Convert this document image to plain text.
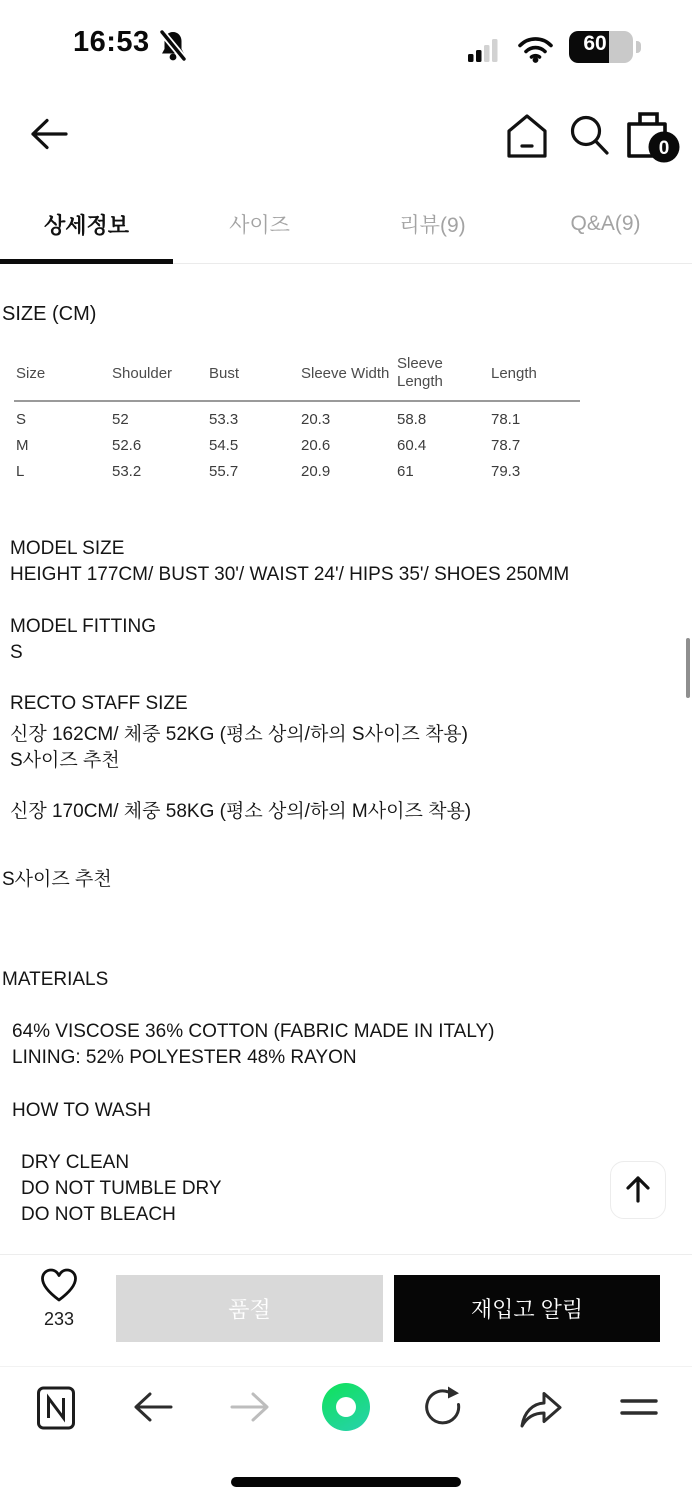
16:53	60
0
상세정보	사이즈	리뷰(9)	Q&A(9)
SIZE (CM)
Size	Shoulder	Bust	Sleeve Width	Sleeve Length	Length
S	52	53.3	20.3	58.8	78.1
M	52.6	54.5	20.6	60.4	78.7
L	53.2	55.7	20.9	61	79.3
MODEL SIZE
HEIGHT 177CM/ BUST 30'/ WAIST 24'/ HIPS 35'/ SHOES 250MM
MODEL FITTING
S
RECTO STAFF SIZE
신장 162CM/ 체중 52KG (평소 상의/하의 S사이즈 착용)
S사이즈 추천
신장 170CM/ 체중 58KG (평소 상의/하의 M사이즈 착용)
S사이즈 추천
MATERIALS
64% VISCOSE 36% COTTON (FABRIC MADE IN ITALY)
LINING: 52% POLYESTER 48% RAYON
HOW TO WASH
DRY CLEAN
DO NOT TUMBLE DRY
DO NOT BLEACH
233	품절	재입고 알림
